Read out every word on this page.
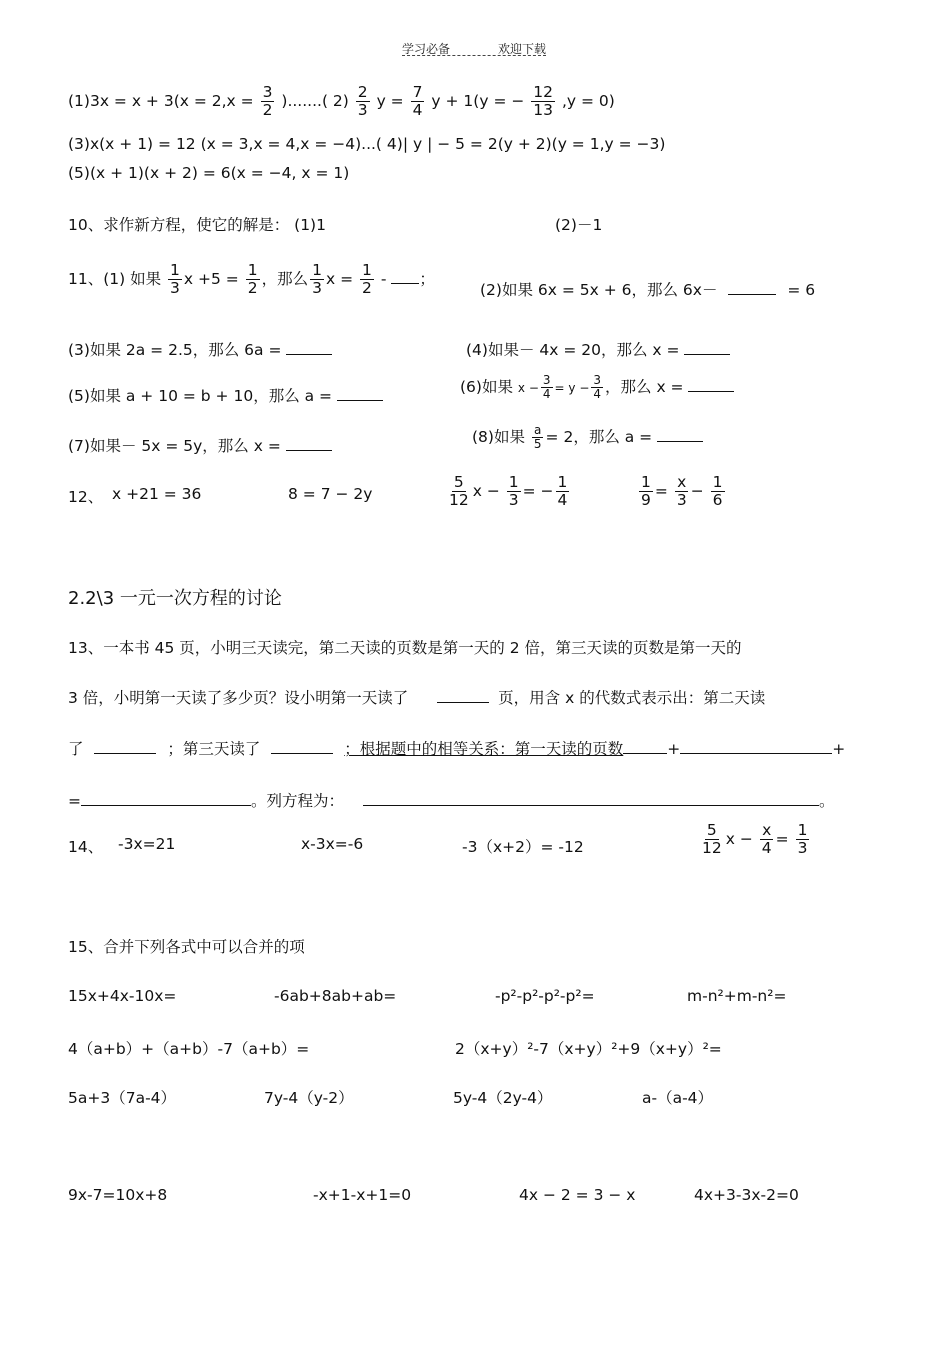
学习必备	欢迎下载
$(1)3x = x + 3(x = 2,x = \frac{3}{2}$ ).......( $2) \frac{2}{3}$ $y = \frac{7}{4}$ y + 1(y = − $\frac{12}{13} ,y = 0$)
(3)x(x + 1) = 12 (x = 3,x = 4,x = −4)...( 4)| y | − 5 = 2(y + 2)(y = 1,y = −3)
(5)(x + 1)(x + 2) = 6(x = −4, x = 1)
10、求作新方程，使它的解是： (1)1	(2)－1
11、(1) 如果 $\frac{1}{3}$ $x +5 = \frac{1}{2}$ ，那么 $\frac{1}{3}$ $x = \frac{1}{2}$ - ；
(2)如果 6x = 5x + 6，那么 6x－	= 6
(3)如果 2a = 2.5，那么 6a =	(4)如果－ 4x = 20，那么 x =
(5)如果 a + 10 = b + 10，那么 a =	(6)如果 $x - \frac{3}{4} = y - \frac{3}{4}$ ，那么 x =
(7)如果－ 5x = 5y，那么 x =	(8)如果 $\frac{a}{5} = 2$，那么 a =
12、 x +21 = 36	8 = 7 − 2y	$\frac{5}{12}$ $x - \frac{1}{3}$ = − $\frac{1}{4}$	$\frac{1}{9} = \frac{x}{3} - \frac{1}{6}$
2.2\3 一元一次方程的讨论
13、一本书 45 页，小明三天读完，第二天读的页数是第一天的 2 倍，第三天读的页数是第一天的
3 倍，小明第一天读了多少页？设小明第一天读了	页，用含 x 的代数式表示出：第二天读
了	；第三天读了	；根据题中的相等关系：第一天读的页数	+	+
=	。列方程为：	。
14、 -3x=21	x-3x=-6	-3（x+2）= -12	$\frac{5}{12}$ $x - \frac{x}{4} = \frac{1}{3}$
15、合并下列各式中可以合并的项
15x+4x-10x=	-6ab+8ab+ab=	-p²-p²-p²-p²=	m-n²+m-n²=
4（a+b）+（a+b）-7（a+b）=	2（x+y）²-7（x+y）²+9（x+y）²=
5a+3（7a-4）	7y-4（y-2）	5y-4（2y-4）	a-（a-4）
9x-7=10x+8	-x+1-x+1=0	4x − 2 = 3 − x	4x+3-3x-2=0
